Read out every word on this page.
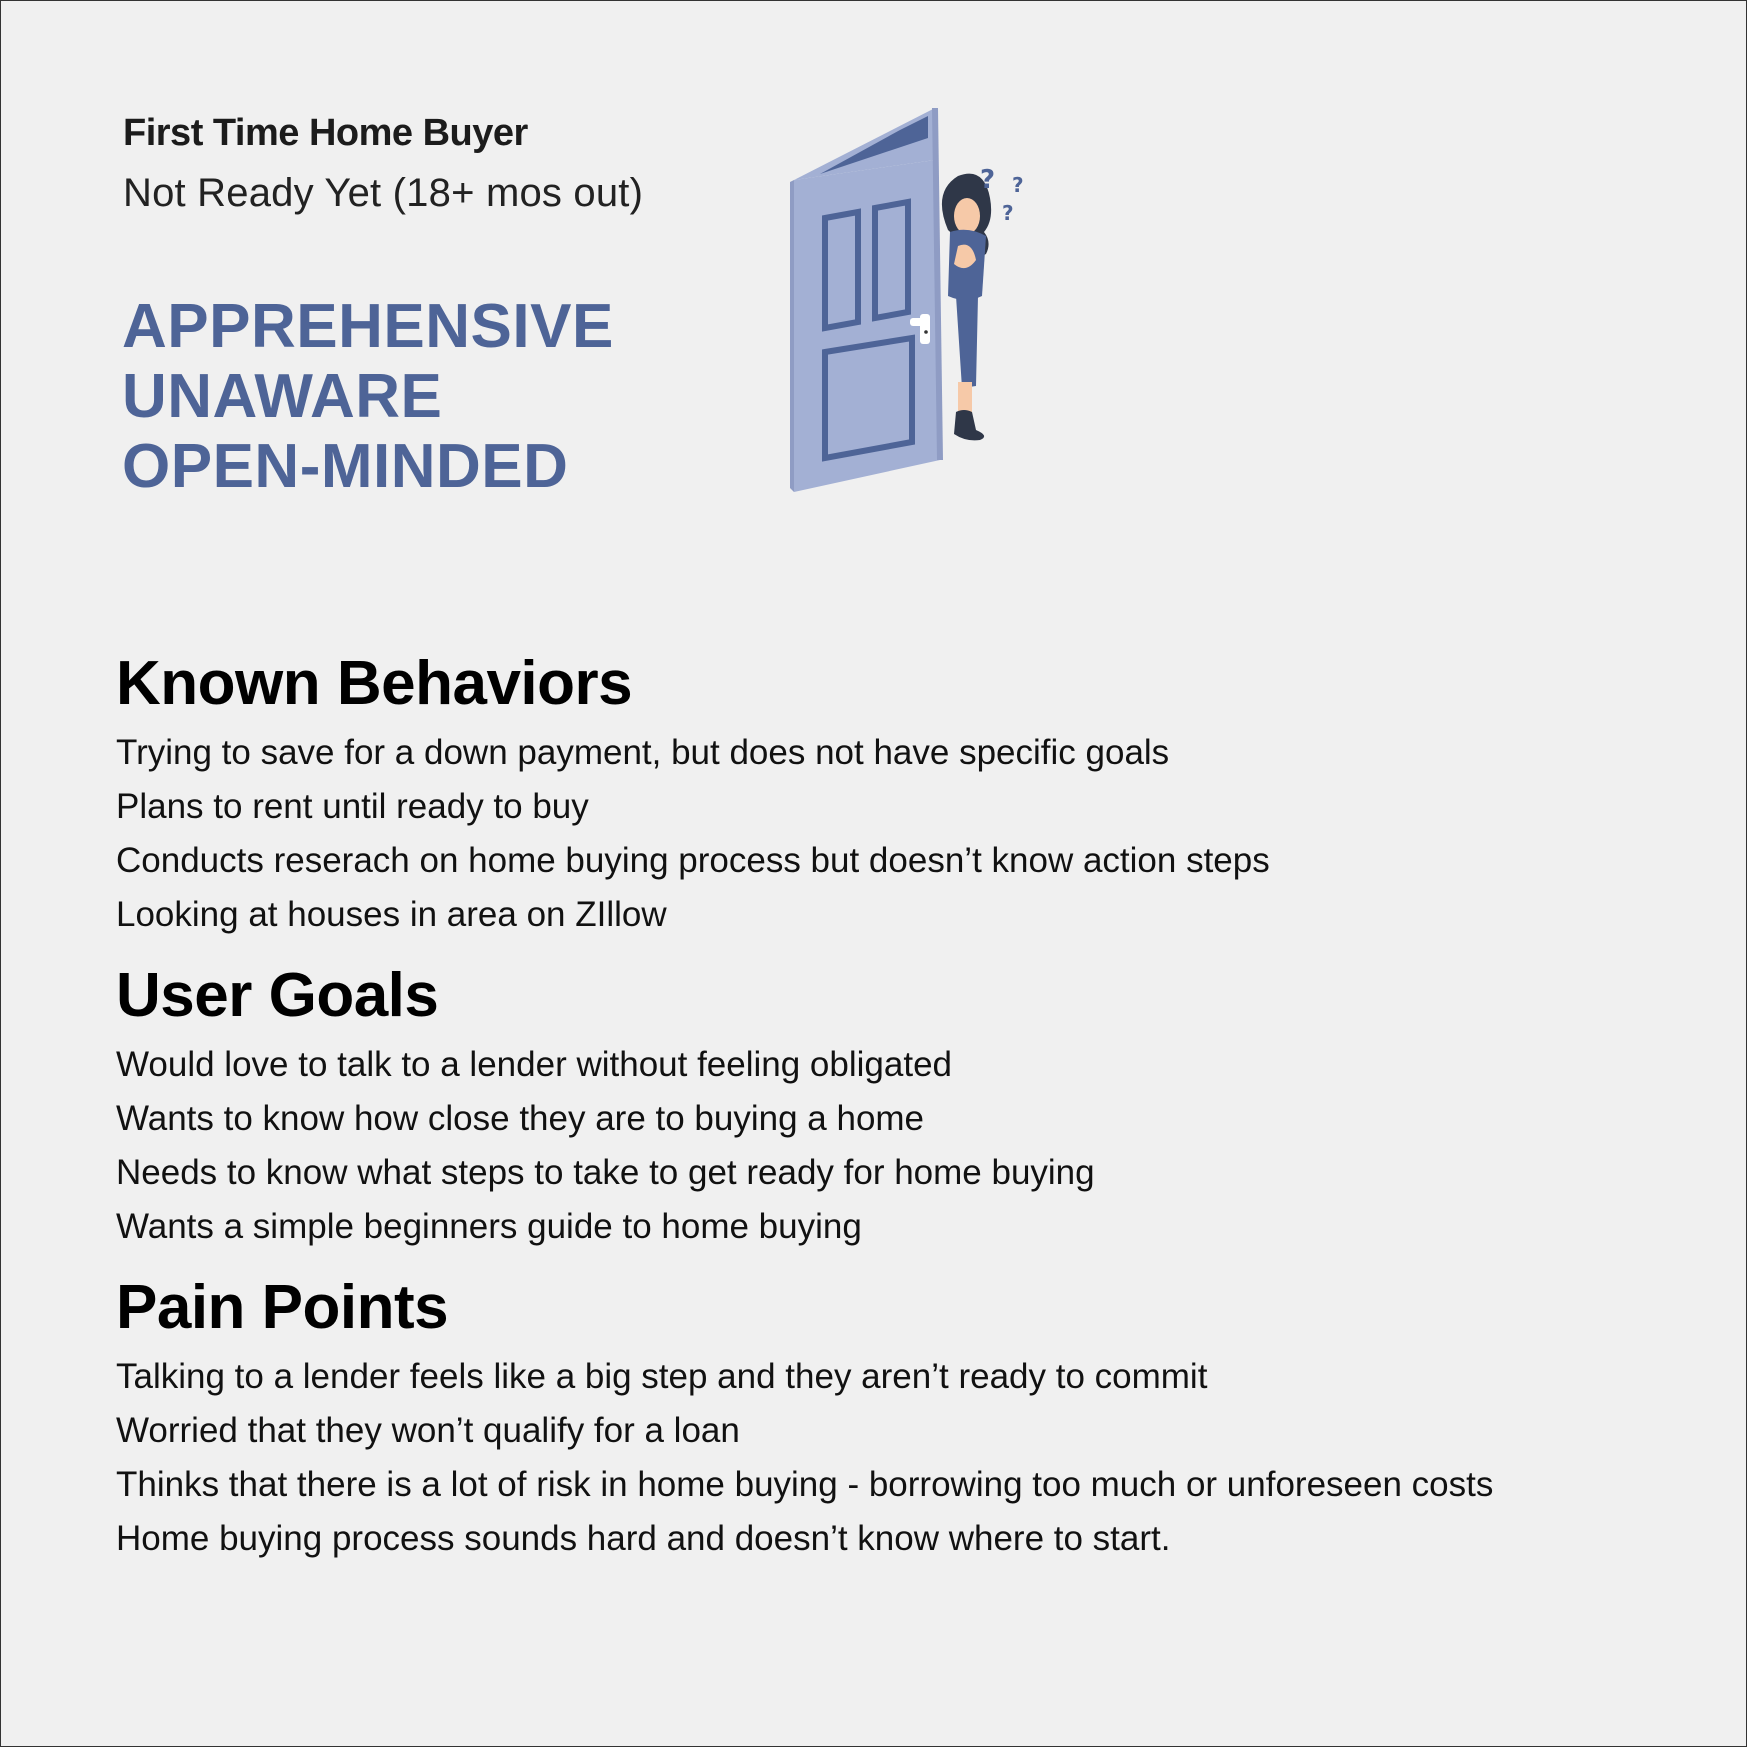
First Time Home Buyer

Not Ready Yet (18+ mos out)

APPREHENSIVE
UNAWARE
OPEN-MINDED
? ?
?
Known Behaviors
Trying to save for a down payment, but does not have specific goals
Plans to rent until ready to buy
Conducts reserach on home buying process but doesn’t know action steps
Looking at houses in area on ZIllow
User Goals
Would love to talk to a lender without feeling obligated
Wants to know how close they are to buying a home
Needs to know what steps to take to get ready for home buying
Wants a simple beginners guide to home buying
Pain Points
Talking to a lender feels like a big step and they aren’t ready to commit
Worried that they won’t qualify for a loan
Thinks that there is a lot of risk in home buying - borrowing too much or unforeseen costs
Home buying process sounds hard and doesn’t know where to start.
